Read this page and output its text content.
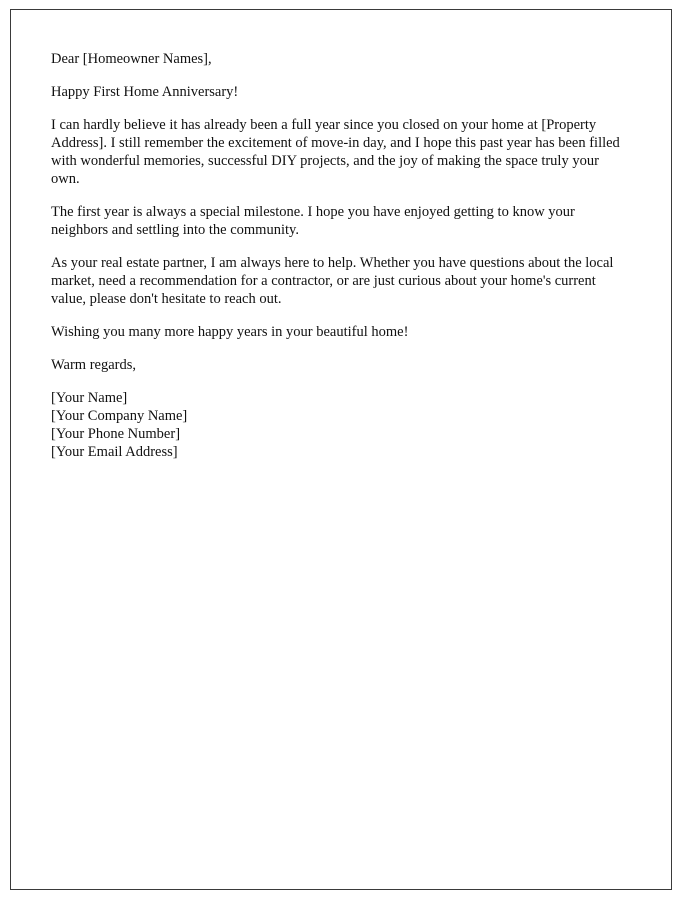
Dear [Homeowner Names],

Happy First Home Anniversary!

I can hardly believe it has already been a full year since you closed on your home at [Property Address]. I still remember the excitement of move-in day, and I hope this past year has been filled with wonderful memories, successful DIY projects, and the joy of making the space truly your own.

The first year is always a special milestone. I hope you have enjoyed getting to know your neighbors and settling into the community.

As your real estate partner, I am always here to help. Whether you have questions about the local market, need a recommendation for a contractor, or are just curious about your home's current value, please don't hesitate to reach out.

Wishing you many more happy years in your beautiful home!

Warm regards,

[Your Name]
[Your Company Name]
[Your Phone Number]
[Your Email Address]
